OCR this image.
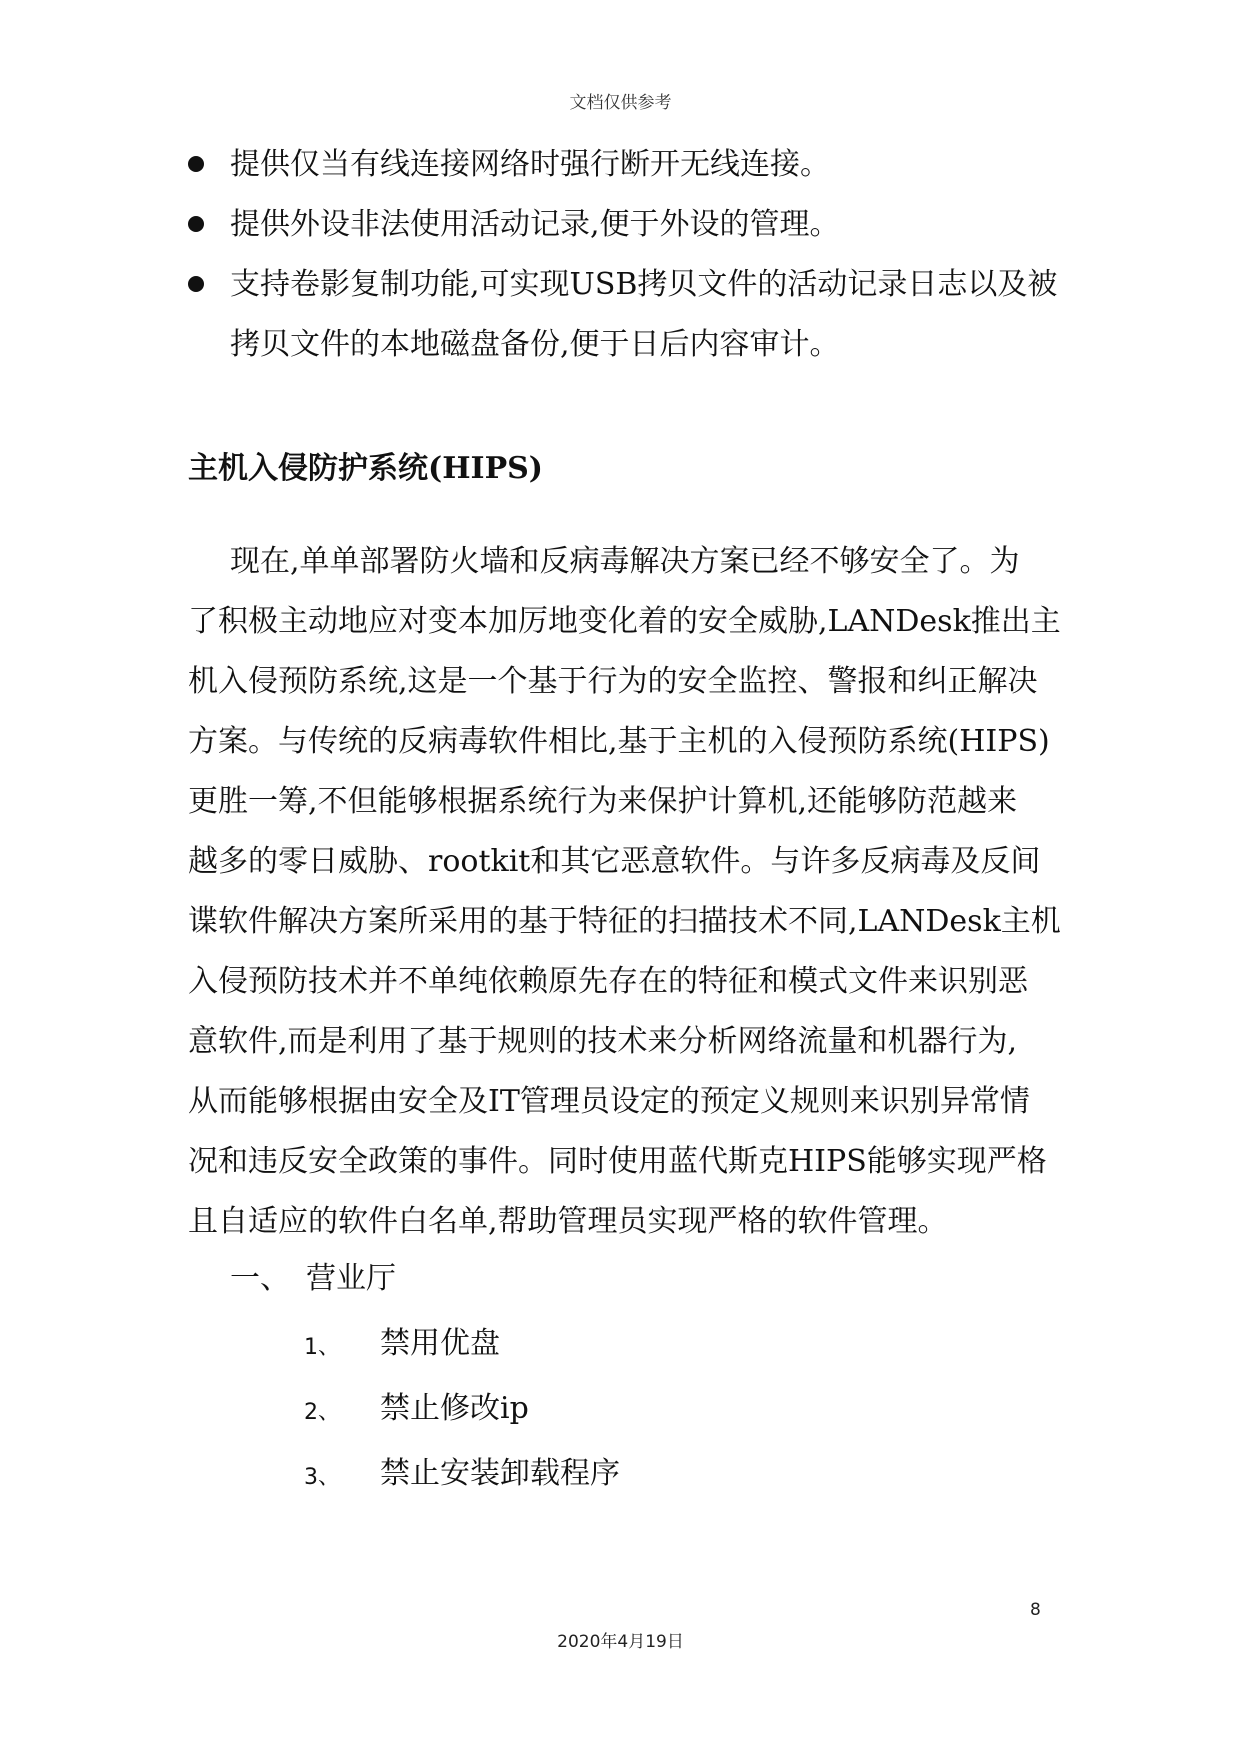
文档仅供参考
提供仅当有线连接网络时强行断开无线连接。
提供外设非法使用活动记录,便于外设的管理。
支持卷影复制功能,可实现USB拷贝文件的活动记录日志以及被
拷贝文件的本地磁盘备份,便于日后内容审计。
主机入侵防护系统(HIPS)
现在,单单部署防火墙和反病毒解决方案已经不够安全了。为
了积极主动地应对变本加厉地变化着的安全威胁,LANDesk推出主
机入侵预防系统,这是一个基于行为的安全监控、警报和纠正解决
方案。与传统的反病毒软件相比,基于主机的入侵预防系统(HIPS)
更胜一筹,不但能够根据系统行为来保护计算机,还能够防范越来
越多的零日威胁、rootkit和其它恶意软件。与许多反病毒及反间
谍软件解决方案所采用的基于特征的扫描技术不同,LANDesk主机
入侵预防技术并不单纯依赖原先存在的特征和模式文件来识别恶
意软件,而是利用了基于规则的技术来分析网络流量和机器行为,
从而能够根据由安全及IT管理员设定的预定义规则来识别异常情
况和违反安全政策的事件。同时使用蓝代斯克HIPS能够实现严格
且自适应的软件白名单,帮助管理员实现严格的软件管理。
一、 营业厅
1、 禁用优盘
2、 禁止修改ip
3、 禁止安装卸载程序
8
2020年4月19日
